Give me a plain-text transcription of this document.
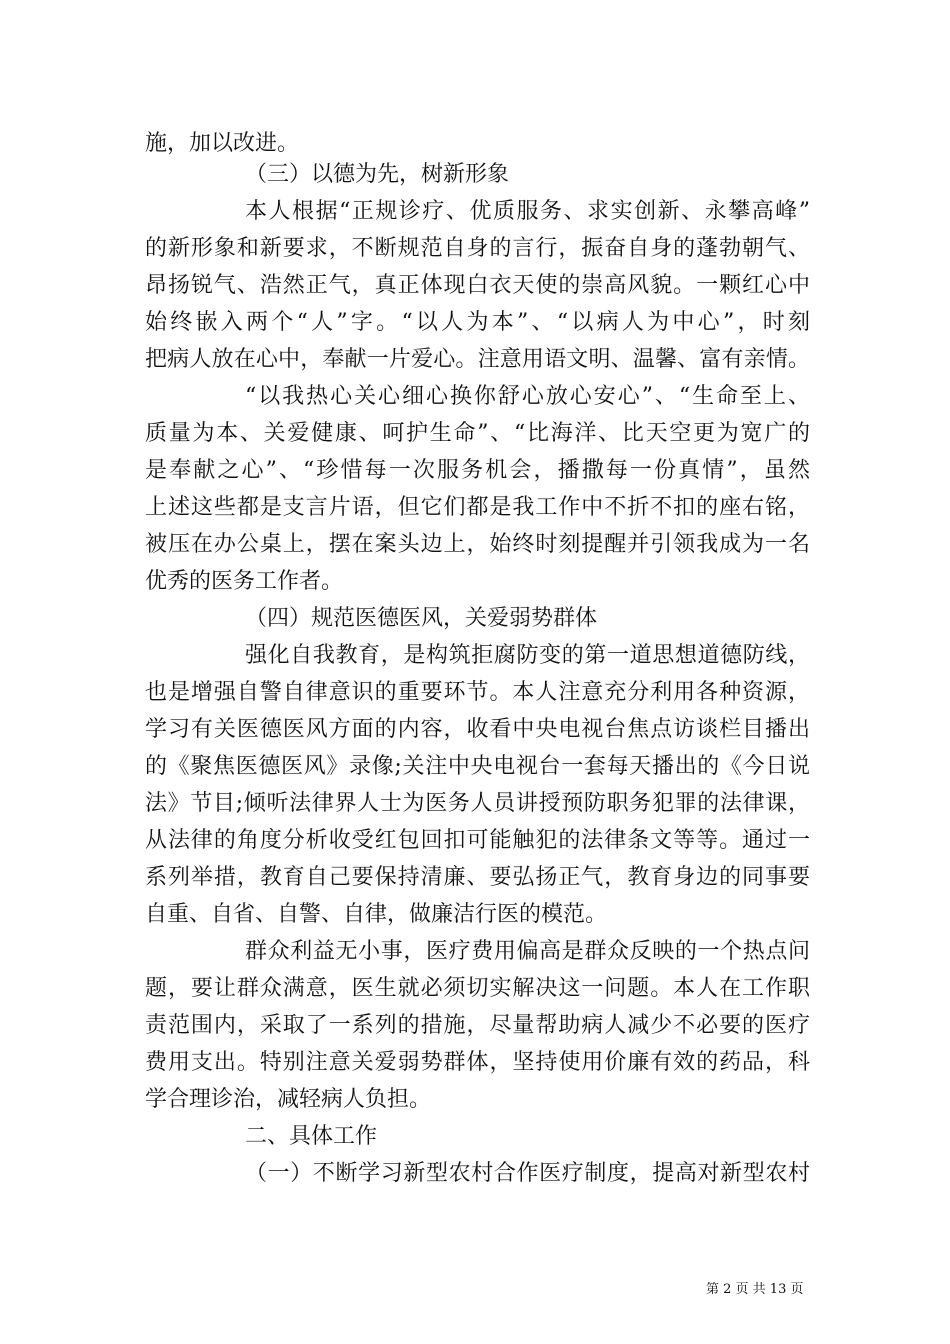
施，加以改进。
（三）以德为先，树新形象
本人根据“正规诊疗、优质服务、求实创新、永攀高峰”
的新形象和新要求，不断规范自身的言行，振奋自身的蓬勃朝气、
昂扬锐气、浩然正气，真正体现白衣天使的崇高风貌。一颗红心中
始终嵌入两个“人”字。“以人为本”、“以病人为中心”，时刻
把病人放在心中，奉献一片爱心。注意用语文明、温馨、富有亲情。
“以我热心关心细心换你舒心放心安心”、“生命至上、
质量为本、关爱健康、呵护生命”、“比海洋、比天空更为宽广的
是奉献之心”、“珍惜每一次服务机会，播撒每一份真情”，虽然
上述这些都是支言片语，但它们都是我工作中不折不扣的座右铭，
被压在办公桌上，摆在案头边上，始终时刻提醒并引领我成为一名
优秀的医务工作者。
（四）规范医德医风，关爱弱势群体
强化自我教育，是构筑拒腐防变的第一道思想道德防线，
也是增强自警自律意识的重要环节。本人注意充分利用各种资源，
学习有关医德医风方面的内容，收看中央电视台焦点访谈栏目播出
的《聚焦医德医风》录像;关注中央电视台一套每天播出的《今日说
法》节目;倾听法律界人士为医务人员讲授预防职务犯罪的法律课，
从法律的角度分析收受红包回扣可能触犯的法律条文等等。通过一
系列举措，教育自己要保持清廉、要弘扬正气，教育身边的同事要
自重、自省、自警、自律，做廉洁行医的模范。
群众利益无小事，医疗费用偏高是群众反映的一个热点问
题，要让群众满意，医生就必须切实解决这一问题。本人在工作职
责范围内，采取了一系列的措施，尽量帮助病人减少不必要的医疗
费用支出。特别注意关爱弱势群体，坚持使用价廉有效的药品，科
学合理诊治，减轻病人负担。
二、具体工作
（一）不断学习新型农村合作医疗制度，提高对新型农村
第 2 页 共 13 页
